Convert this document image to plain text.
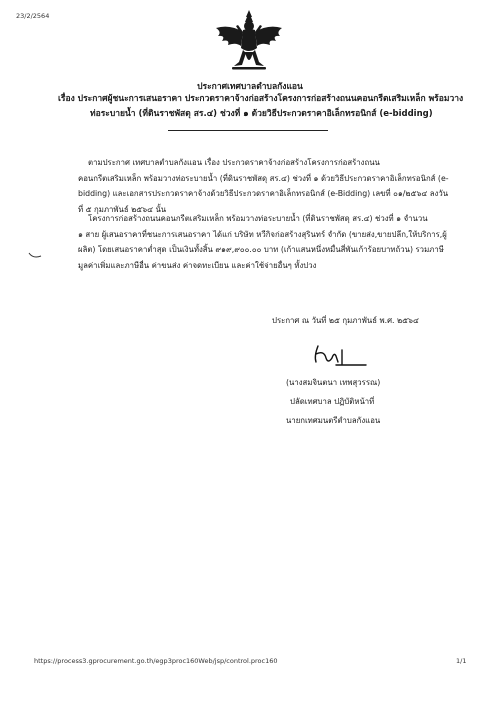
23/2/2564
ประกาศเทศบาลตำบลกังแอน
เรื่อง ประกาศผู้ชนะการเสนอราคา ประกวดราคาจ้างก่อสร้างโครงการก่อสร้างถนนคอนกรีตเสริมเหล็ก พร้อมวาง
ท่อระบายน้ำ (ที่ดินราชพัสดุ สร.๔) ช่วงที่ ๑ ด้วยวิธีประกวดราคาอิเล็กทรอนิกส์ (e-bidding)
ตามประกาศ เทศบาลตำบลกังแอน เรื่อง ประกวดราคาจ้างก่อสร้างโครงการก่อสร้างถนน
คอนกรีตเสริมเหล็ก พร้อมวางท่อระบายน้ำ (ที่ดินราชพัสดุ สร.๔) ช่วงที่ ๑ ด้วยวิธีประกวดราคาอิเล็กทรอนิกส์ (e-
bidding) และเอกสารประกวดราคาจ้างด้วยวิธีประกวดราคาอิเล็กทรอนิกส์ (e-Bidding) เลขที่ ๐๑/๒๕๖๔ ลงวัน
ที่ ๕ กุมภาพันธ์ ๒๕๖๔ นั้น
โครงการก่อสร้างถนนคอนกรีตเสริมเหล็ก พร้อมวางท่อระบายน้ำ (ที่ดินราชพัสดุ สร.๔) ช่วงที่ ๑ จำนวน
๑ สาย ผู้เสนอราคาที่ชนะการเสนอราคา ได้แก่ บริษัท หวีกิจก่อสร้างสุรินทร์ จำกัด (ขายส่ง,ขายปลีก,ให้บริการ,ผู้
ผลิต) โดยเสนอราคาต่ำสุด เป็นเงินทั้งสิ้น ๙๑๙,๙๐๐.๐๐ บาท (เก้าแสนหนึ่งหมื่นสี่พันเก้าร้อยบาทถ้วน) รวมภาษี
มูลค่าเพิ่มและภาษีอื่น ค่าขนส่ง ค่าจดทะเบียน และค่าใช้จ่ายอื่นๆ ทั้งปวง
ประกาศ ณ วันที่ ๒๕ กุมภาพันธ์ พ.ศ. ๒๕๖๔
(นางสมจินตนา เทพสุวรรณ)
ปลัดเทศบาล ปฏิบัติหน้าที่
นายกเทศมนตรีตำบลกังแอน
https://process3.gprocurement.go.th/egp3proc160Web/jsp/control.proc160	1/1
